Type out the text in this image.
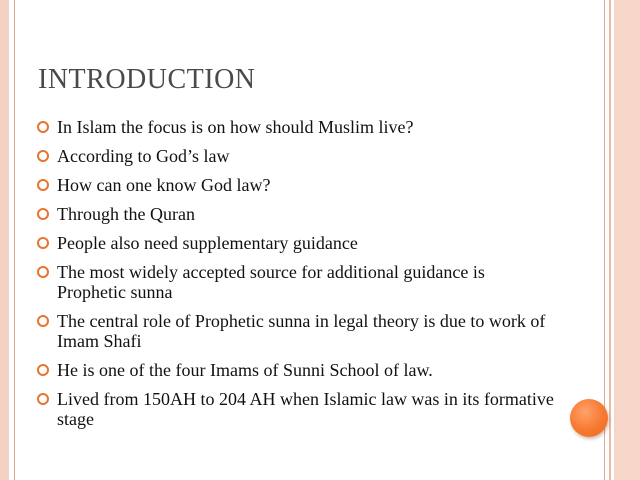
INTRODUCTION
In Islam the focus is on how should Muslim live?
According to God’s law
How can one know God law?
Through the Quran
People also need supplementary guidance
The most widely accepted source for additional guidance is Prophetic sunna
The central role of Prophetic sunna in legal theory is due to work of Imam Shafi
He is one of the four Imams of Sunni School of law.
Lived from 150AH to 204 AH when Islamic law was in its formative stage
